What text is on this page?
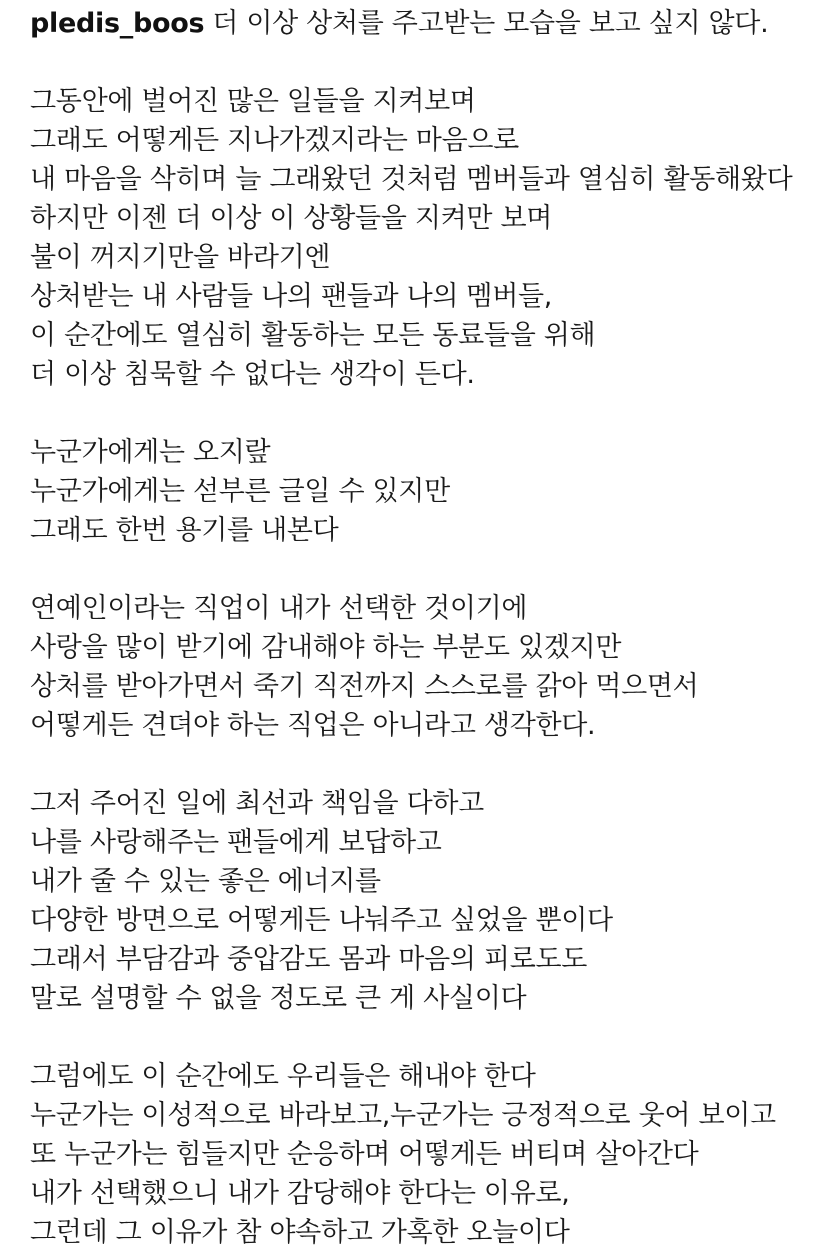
pledis_boos 더 이상 상처를 주고받는 모습을 보고 싶지 않다.
그동안에 벌어진 많은 일들을 지켜보며
그래도 어떻게든 지나가겠지라는 마음으로
내 마음을 삭히며 늘 그래왔던 것처럼 멤버들과 열심히 활동해왔다
하지만 이젠 더 이상 이 상황들을 지켜만 보며
불이 꺼지기만을 바라기엔
상처받는 내 사람들 나의 팬들과 나의 멤버들,
이 순간에도 열심히 활동하는 모든 동료들을 위해
더 이상 침묵할 수 없다는 생각이 든다.
누군가에게는 오지랖
누군가에게는 섣부른 글일 수 있지만
그래도 한번 용기를 내본다
연예인이라는 직업이 내가 선택한 것이기에
사랑을 많이 받기에 감내해야 하는 부분도 있겠지만
상처를 받아가면서 죽기 직전까지 스스로를 갉아 먹으면서
어떻게든 견뎌야 하는 직업은 아니라고 생각한다.
그저 주어진 일에 최선과 책임을 다하고
나를 사랑해주는 팬들에게 보답하고
내가 줄 수 있는 좋은 에너지를
다양한 방면으로 어떻게든 나눠주고 싶었을 뿐이다
그래서 부담감과 중압감도 몸과 마음의 피로도도
말로 설명할 수 없을 정도로 큰 게 사실이다
그럼에도 이 순간에도 우리들은 해내야 한다
누군가는 이성적으로 바라보고,누군가는 긍정적으로 웃어 보이고
또 누군가는 힘들지만 순응하며 어떻게든 버티며 살아간다
내가 선택했으니 내가 감당해야 한다는 이유로,
그런데 그 이유가 참 야속하고 가혹한 오늘이다
